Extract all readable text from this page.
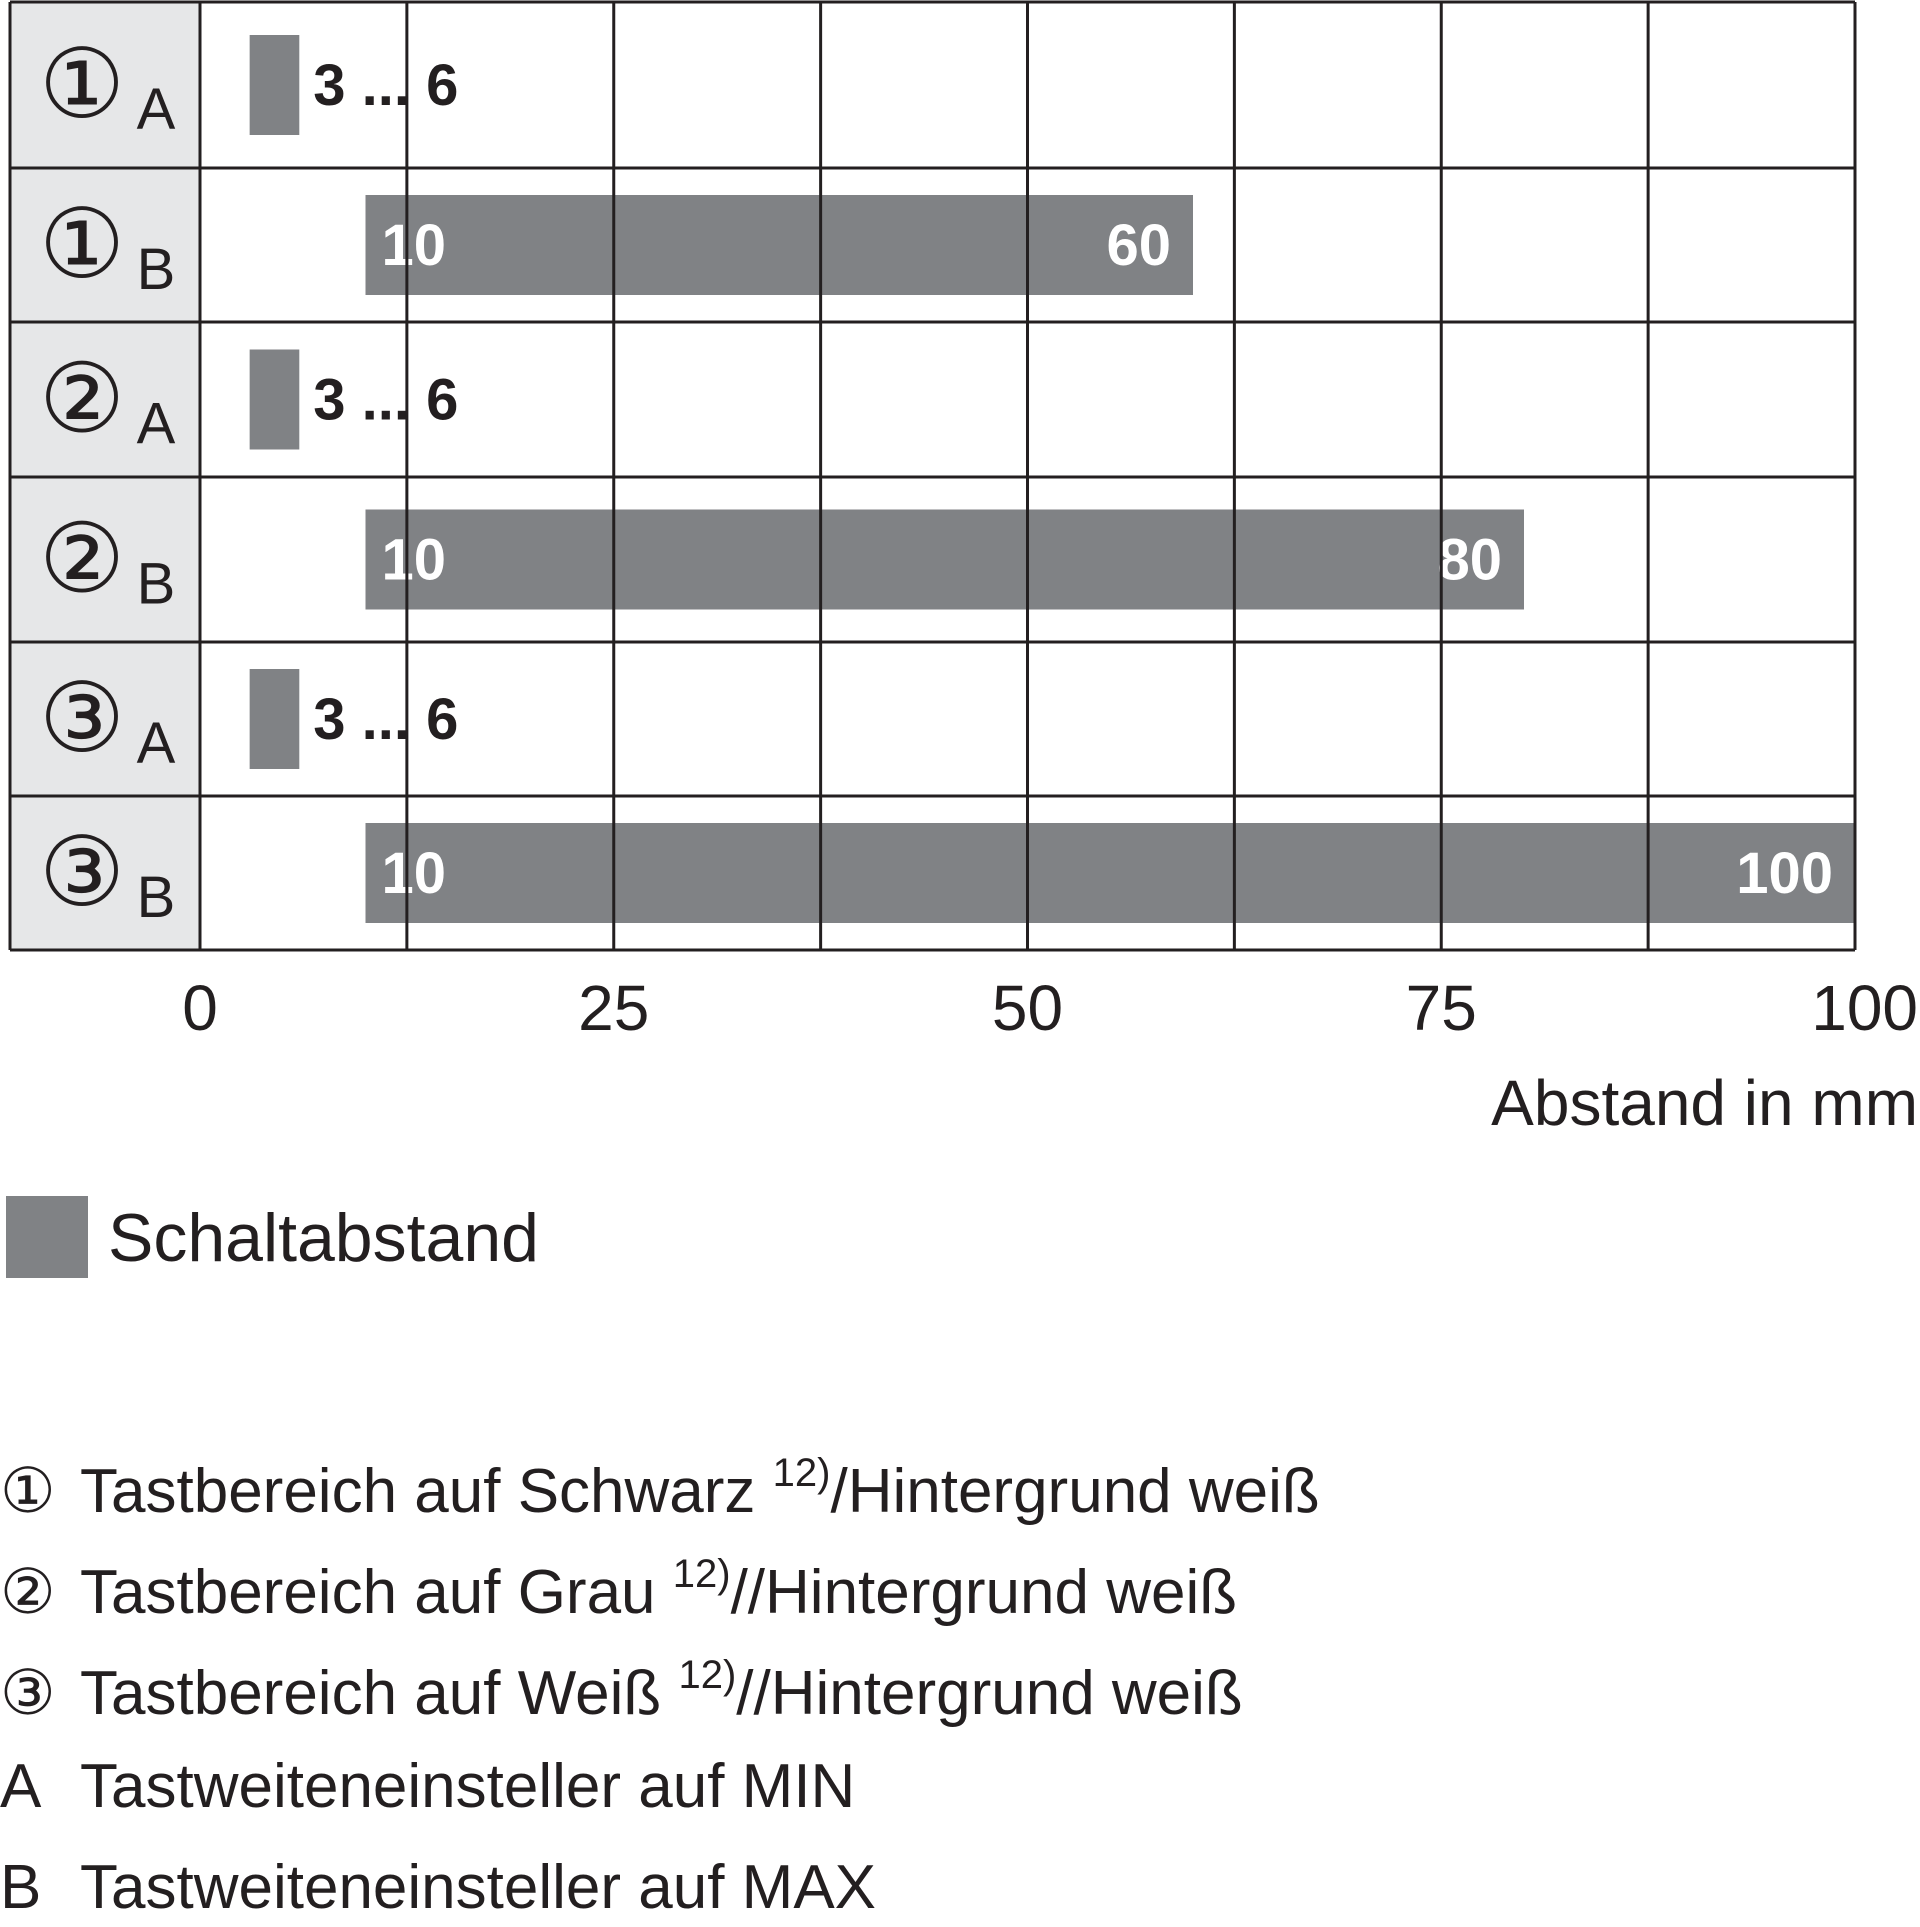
3 ... 6
10	60
3 ... 6
10	80
3 ... 6
10	100
① A
① B
② A
② B
③ A
③ B
0	25	50	75	100
Abstand in mm
Schaltabstand
① Tastbereich auf Schwarz $^{12)}$/Hintergrund weiß
② Tastbereich auf Grau $^{12)}$//Hintergrund weiß
③ Tastbereich auf Weiß $^{12)}$//Hintergrund weiß
A Tastweiteneinsteller auf MIN
B Tastweiteneinsteller auf MAX
